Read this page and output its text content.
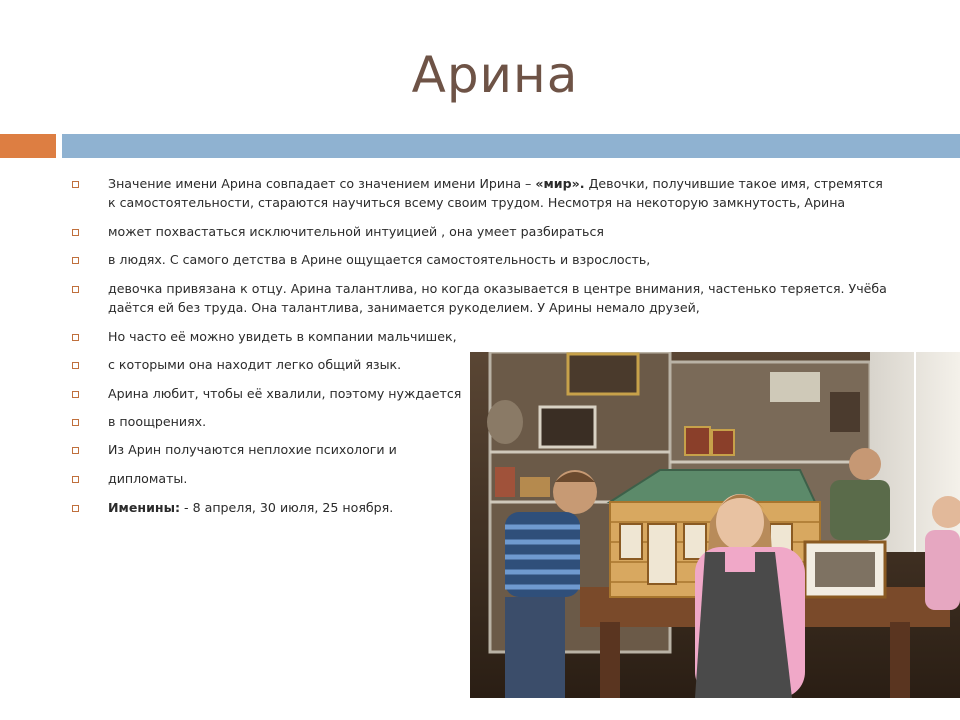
Арина
Значение имени Арина совпадает со значением имени Ирина – «мир». Девочки, получившие такое имя, стремятся
к самостоятельности, стараются научиться всему своим трудом. Несмотря на некоторую замкнутость, Арина
может похвастаться исключительной интуицией , она умеет разбираться
в людях. С самого детства в Арине ощущается самостоятельность и взрослость,
девочка привязана к отцу. Арина талантлива, но когда оказывается в центре внимания, частенько теряется. Учёба
даётся ей без труда. Она талантлива, занимается рукоделием. У Арины немало друзей,
Но часто её можно увидеть в компании мальчишек,
с которыми она находит легко общий язык.
Арина любит, чтобы её хвалили, поэтому нуждается
в поощрениях.
Из Арин получаются неплохие психологи и
дипломаты.
Именины: - 8 апреля, 30 июля, 25 ноября.
